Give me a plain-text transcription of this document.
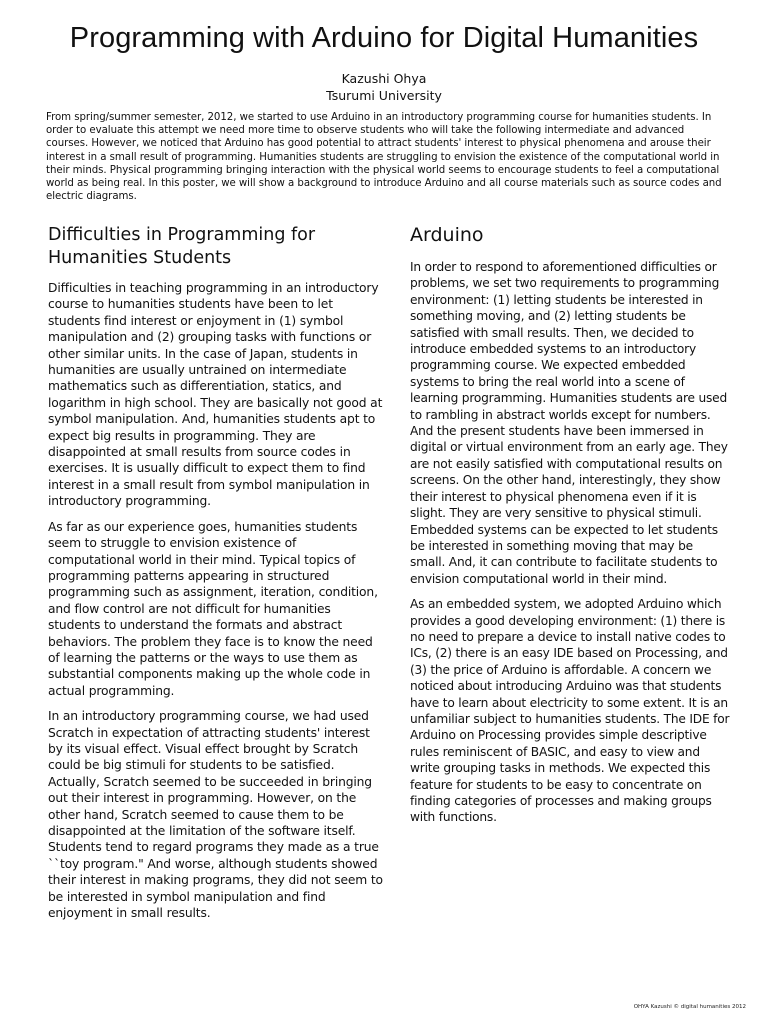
Programming with Arduino for Digital Humanities
Kazushi Ohya
Tsurumi University

From spring/summer semester, 2012, we started to use Arduino in an introductory programming course for humanities students. In order to evaluate this attempt we need more time to observe students who will take the following intermediate and advanced courses. However, we noticed that Arduino has good potential to attract students' interest to physical phenomena and arouse their interest in a small result of programming. Humanities students are struggling to envision the existence of the computational world in their minds. Physical programming bringing interaction with the physical world seems to encourage students to feel a computational world as being real. In this poster, we will show a background to introduce Arduino and all course materials such as source codes and electric diagrams.

Difficulties in Programming for Humanities Students

Difficulties in teaching programming in an introductory course to humanities students have been to let students find interest or enjoyment in (1) symbol manipulation and (2) grouping tasks with functions or other similar units. In the case of Japan, students in humanities are usually untrained on intermediate mathematics such as differentiation, statics, and logarithm in high school. They are basically not good at symbol manipulation. And, humanities students apt to expect big results in programming. They are disappointed at small results from source codes in exercises. It is usually difficult to expect them to find interest in a small result from symbol manipulation in introductory programming.

As far as our experience goes, humanities students seem to struggle to envision existence of computational world in their mind. Typical topics of programming patterns appearing in structured programming such as assignment, iteration, condition, and flow control are not difficult for humanities students to understand the formats and abstract behaviors. The problem they face is to know the need of learning the patterns or the ways to use them as substantial components making up the whole code in actual programming.

In an introductory programming course, we had used Scratch in expectation of attracting students' interest by its visual effect. Visual effect brought by Scratch could be big stimuli for students to be satisfied. Actually, Scratch seemed to be succeeded in bringing out their interest in programming. However, on the other hand, Scratch seemed to cause them to be disappointed at the limitation of the software itself. Students tend to regard programs they made as a true ``toy program." And worse, although students showed their interest in making programs, they did not seem to be interested in symbol manipulation and find enjoyment in small results.

Arduino

In order to respond to aforementioned difficulties or problems, we set two requirements to programming environment: (1) letting students be interested in something moving, and (2) letting students be satisfied with small results. Then, we decided to introduce embedded systems to an introductory programming course. We expected embedded systems to bring the real world into a scene of learning programming. Humanities students are used to rambling in abstract worlds except for numbers. And the present students have been immersed in digital or virtual environment from an early age. They are not easily satisfied with computational results on screens. On the other hand, interestingly, they show their interest to physical phenomena even if it is slight. They are very sensitive to physical stimuli. Embedded systems can be expected to let students be interested in something moving that may be small. And, it can contribute to facilitate students to envision computational world in their mind.

As an embedded system, we adopted Arduino which provides a good developing environment: (1) there is no need to prepare a device to install native codes to ICs, (2) there is an easy IDE based on Processing, and (3) the price of Arduino is affordable. A concern we noticed about introducing Arduino was that students have to learn about electricity to some extent. It is an unfamiliar subject to humanities students. The IDE for Arduino on Processing provides simple descriptive rules reminiscent of BASIC, and easy to view and write grouping tasks in methods. We expected this feature for students to be easy to concentrate on finding categories of processes and making groups with functions.

OHYA Kazushi © digital humanities 2012
